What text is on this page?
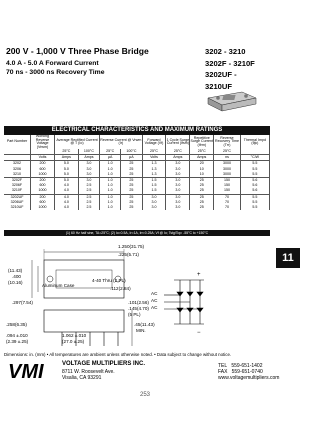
200 V - 1,000 V Three Phase Bridge
4.0 A - 5.0 A Forward Current
70 ns - 3000 ns Recovery Time
3202 - 3210
3202F - 3210F
3202UF - 3210UF
ELECTRICAL CHARACTERISTICS AND MAXIMUM RATINGS
Part Number	Working Reverse Voltage (Vrwm)	Average Rectified Current @ T (Io)		Reverse Current @ Vrwm (Ir)		Forward Voltage (Vf)	1 Cycle Surge Current (Ifsm)	Repetitive Surge Current (Ifrm)	Reverse Recovery Time (Trr)	Thermal Impd (θjc)

		25°C	100°C	25°C	100°C	25°C	25°C	25°C	25°C	
	Volts	Amps	Amps	μA	μA	Volts	Amps	Amps	ns	°C/W
3202	200	5.0	3.0	1.0	25	1.3	3.0	20	3000	5.5
3206	600	5.0	3.0	1.0	25	1.3	3.0	10	3000	5.5
3210	1000	5.0	3.0	1.0	25	1.3	3.0	10	3000	5.5
3202F	200	5.0	3.0	1.0	25	1.5	3.0	25	150	5.6
3206F	600	4.0	2.5	1.0	25	1.5	3.0	25	150	5.6
3210F	1000	4.0	2.5	1.0	25	1.5	3.0	25	150	5.6
3202UF	200	4.0	2.5	1.0	25	3.0	3.0	25	70	5.5
3206UF	600	4.0	2.5	1.0	25	3.0	3.0	25	70	5.5
3210UF	1000	4.0	2.5	1.0	25	3.0	3.0	25	70	5.5
(1) 60 Hz half sine, TA=25°C; (2) Io=0.5A, Ir=1A, Irr=0.25A; Vf @ Io; Tstg/Top: -55°C to +150°C
11
+
−
Aluminum Case
1.250(31.75)
.225(5.71)
(11.43)
.400
(10.16)	4-40 Thru (2 PL)
.112(2.84)
.101(2.56)
.145(4.70)
(5 PL)
.297(7.54)
.45(11.43)
MIN.
.258(6.35)
.094 ±.010
(2.39 ±.25)
1.062 ±.010
(27.0 ±.25)
AC
AC
AC
Dimensions: in. (mm) • All temperatures are ambient unless otherwise noted. • Data subject to change without notice.
VMI	VOLTAGE MULTIPLIERS INC.
8711 W. Roosevelt Ave.
Visalia, CA 93291
TEL 559-651-1402
FAX 559-651-0740
www.voltagemultipliers.com
253
